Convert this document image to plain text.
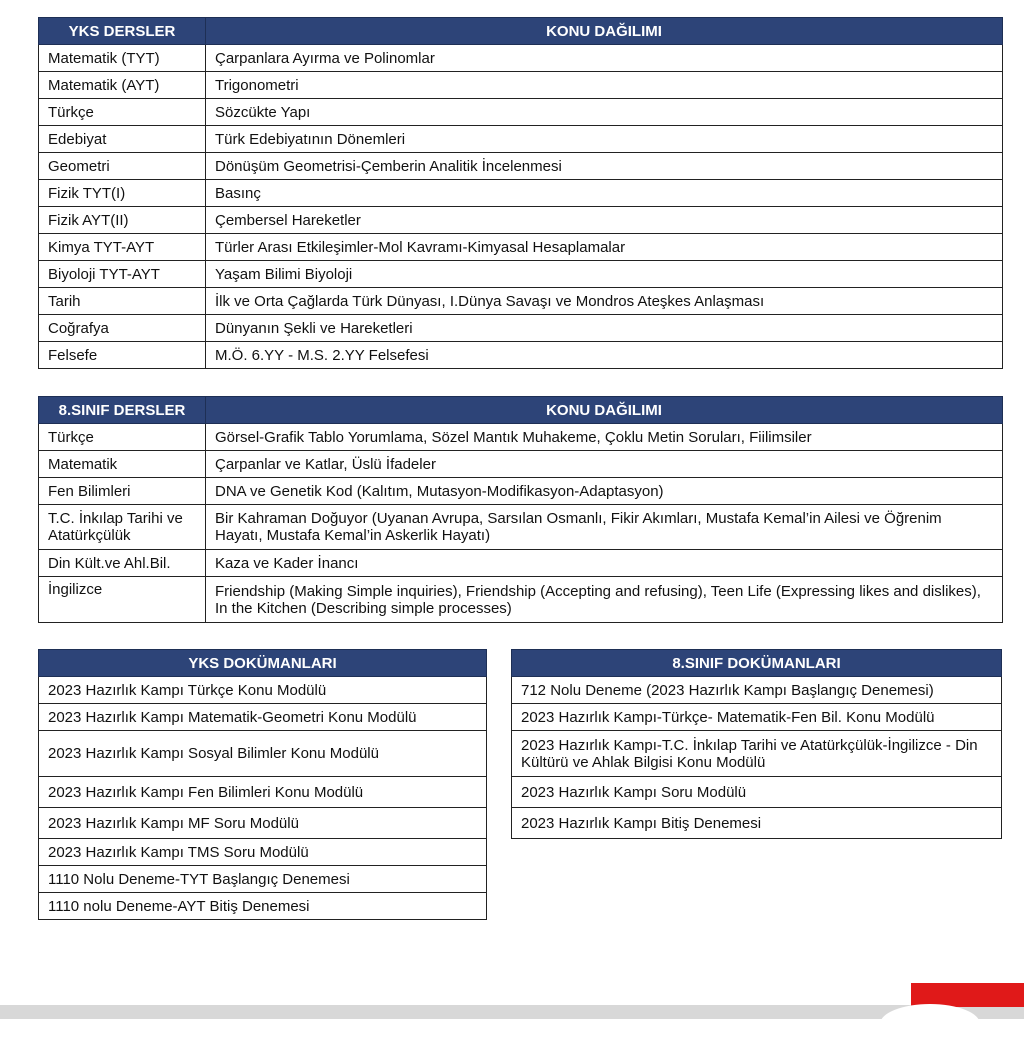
YKS DERSLER	KONU DAĞILIMI
Matematik (TYT)	Çarpanlara Ayırma ve Polinomlar
Matematik (AYT)	Trigonometri
Türkçe	Sözcükte Yapı
Edebiyat	Türk Edebiyatının Dönemleri
Geometri	Dönüşüm Geometrisi-Çemberin Analitik İncelenmesi
Fizik TYT(I)	Basınç
Fizik AYT(II)	Çembersel Hareketler
Kimya TYT-AYT	Türler Arası Etkileşimler-Mol Kavramı-Kimyasal Hesaplamalar
Biyoloji TYT-AYT	Yaşam Bilimi Biyoloji
Tarih	İlk ve Orta Çağlarda Türk Dünyası, I.Dünya Savaşı ve Mondros Ateşkes Anlaşması
Coğrafya	Dünyanın Şekli ve Hareketleri
Felsefe	M.Ö. 6.YY - M.S. 2.YY Felsefesi
8.SINIF DERSLER	KONU DAĞILIMI
Türkçe	Görsel-Grafik Tablo Yorumlama, Sözel Mantık Muhakeme, Çoklu Metin Soruları, Fiilimsiler
Matematik	Çarpanlar ve Katlar, Üslü İfadeler
Fen Bilimleri	DNA ve Genetik Kod (Kalıtım, Mutasyon-Modifikasyon-Adaptasyon)
T.C. İnkılap Tarihi ve Atatürkçülük	Bir Kahraman Doğuyor (Uyanan Avrupa, Sarsılan Osmanlı, Fikir Akımları, Mustafa Kemal’in Ailesi ve Öğrenim Hayatı, Mustafa Kemal’in Askerlik Hayatı)
Din Kült.ve Ahl.Bil.	Kaza ve Kader İnancı
İngilizce	Friendship (Making Simple inquiries), Friendship (Accepting and refusing), Teen Life (Expressing likes and dislikes), In the Kitchen (Describing simple processes)
YKS DOKÜMANLARI
2023 Hazırlık Kampı Türkçe Konu Modülü
2023 Hazırlık Kampı Matematik-Geometri Konu Modülü
2023 Hazırlık Kampı Sosyal Bilimler Konu Modülü
2023 Hazırlık Kampı Fen Bilimleri Konu Modülü
2023 Hazırlık Kampı MF Soru Modülü
2023 Hazırlık Kampı TMS Soru Modülü
1110 Nolu Deneme-TYT Başlangıç Denemesi
1110 nolu Deneme-AYT Bitiş Denemesi
8.SINIF DOKÜMANLARI
712 Nolu Deneme (2023 Hazırlık Kampı Başlangıç Denemesi)
2023 Hazırlık Kampı-Türkçe- Matematik-Fen Bil. Konu Modülü
2023 Hazırlık Kampı-T.C. İnkılap Tarihi ve Atatürkçülük-İngilizce - Din Kültürü ve Ahlak Bilgisi Konu Modülü
2023 Hazırlık Kampı Soru Modülü
2023 Hazırlık Kampı Bitiş Denemesi
